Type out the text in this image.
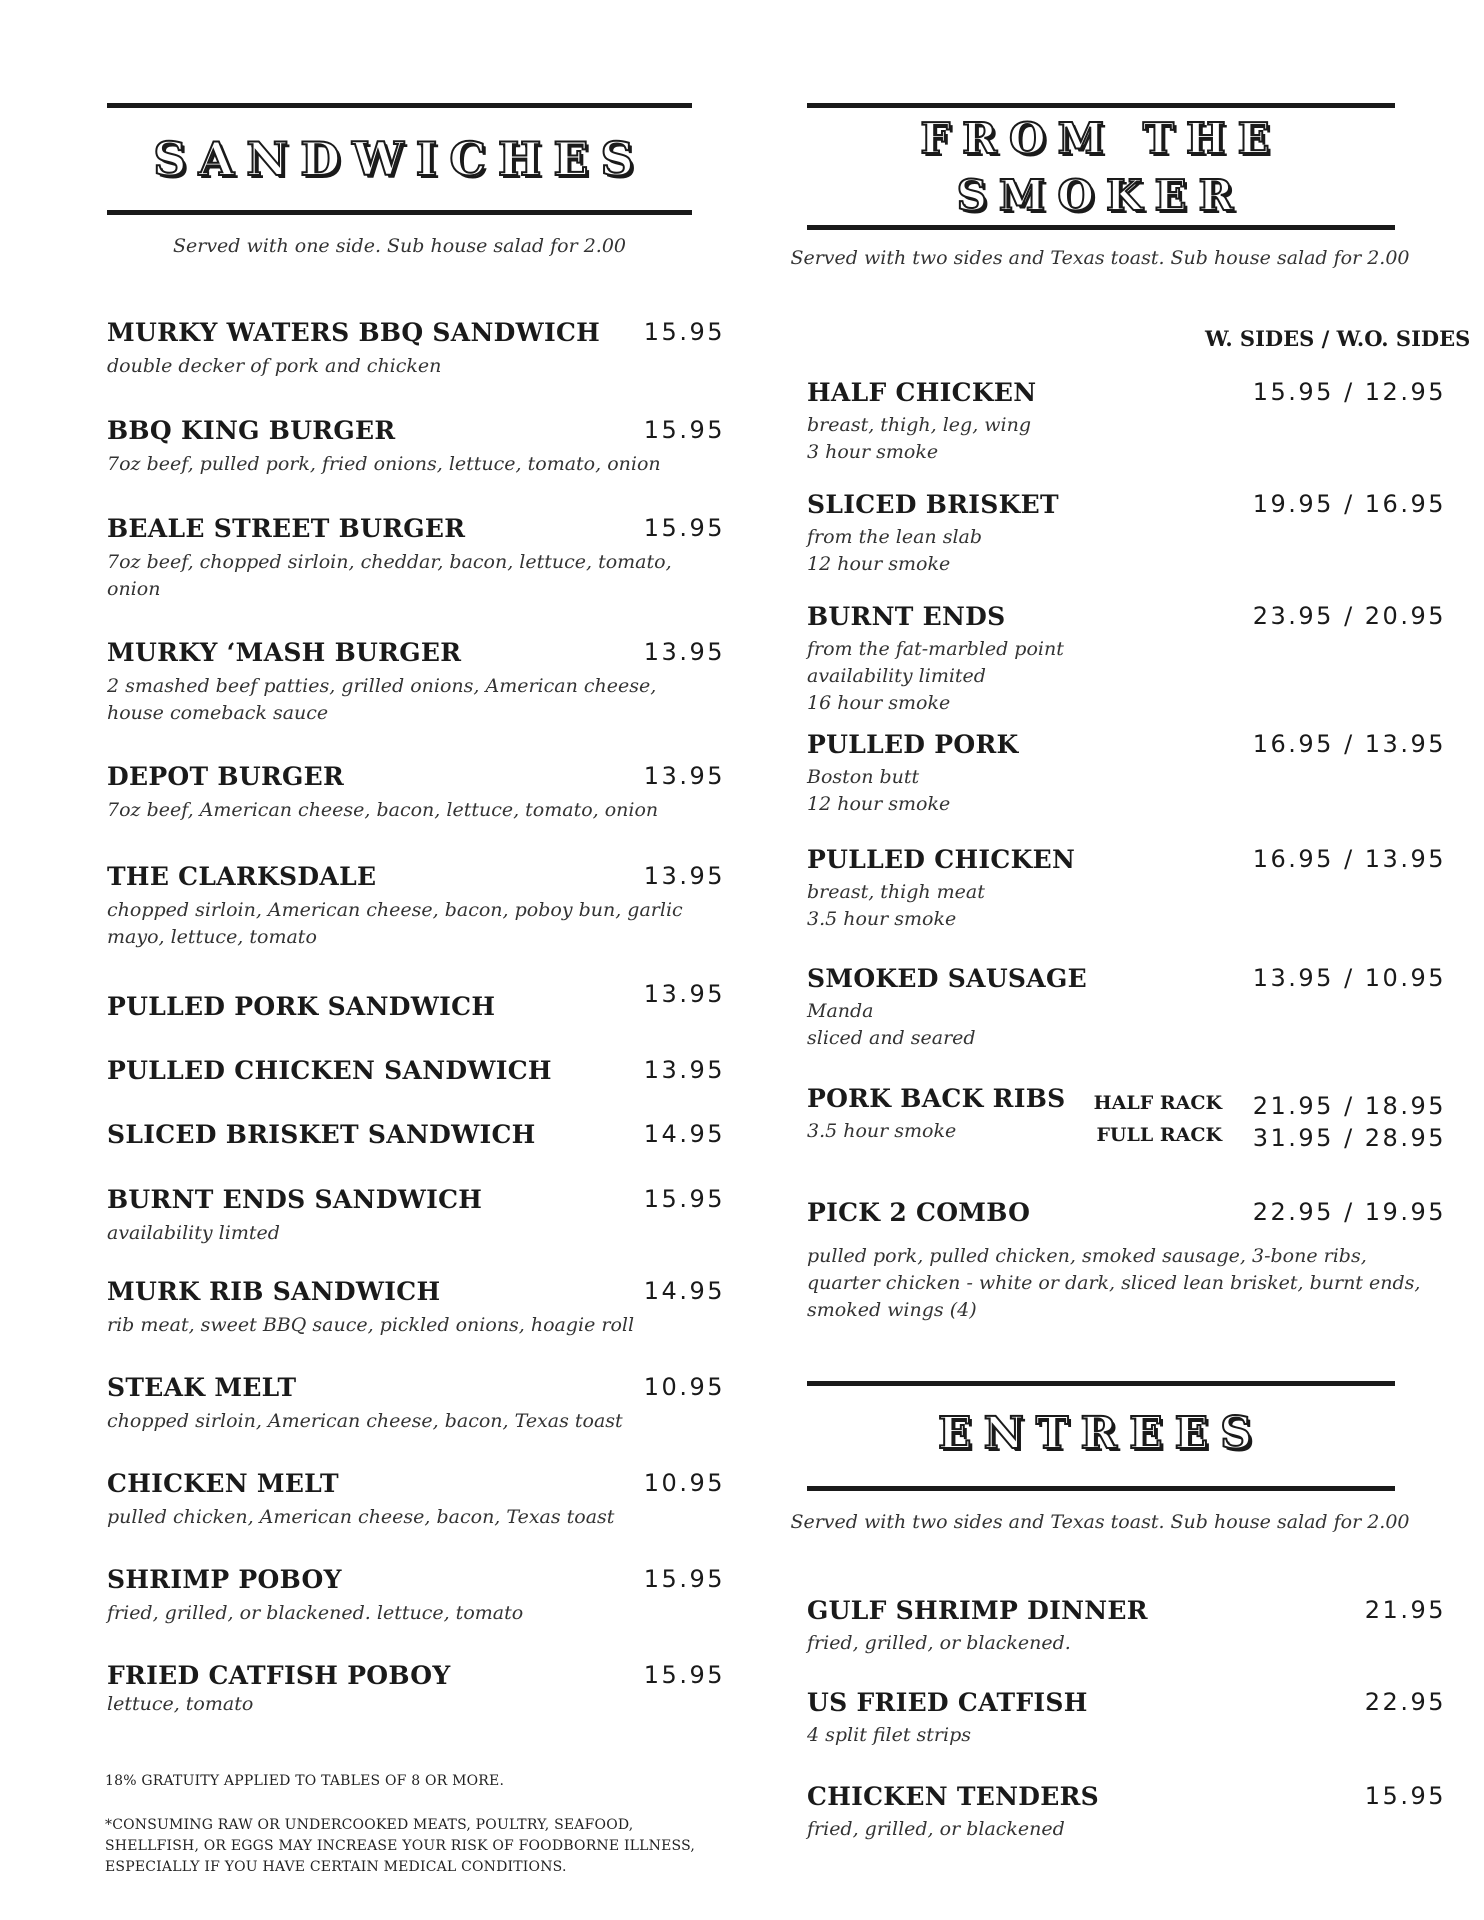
SANDWICHES
Served with one side. Sub house salad for 2.00
MURKY WATERS BBQ SANDWICH	15.95
double decker of pork and chicken
BBQ KING BURGER	15.95
7oz beef, pulled pork, fried onions, lettuce, tomato, onion
BEALE STREET BURGER	15.95
7oz beef, chopped sirloin, cheddar, bacon, lettuce, tomato, onion
MURKY ‘MASH BURGER	13.95
2 smashed beef patties, grilled onions, American cheese, house comeback sauce
DEPOT BURGER	13.95
7oz beef, American cheese, bacon, lettuce, tomato, onion
THE CLARKSDALE	13.95
chopped sirloin, American cheese, bacon, poboy bun, garlic mayo, lettuce, tomato
PULLED PORK SANDWICH	13.95
PULLED CHICKEN SANDWICH	13.95
SLICED BRISKET SANDWICH	14.95
BURNT ENDS SANDWICH	15.95
availability limted
MURK RIB SANDWICH	14.95
rib meat, sweet BBQ sauce, pickled onions, hoagie roll
STEAK MELT	10.95
chopped sirloin, American cheese, bacon, Texas toast
CHICKEN MELT	10.95
pulled chicken, American cheese, bacon, Texas toast
SHRIMP POBOY	15.95
fried, grilled, or blackened. lettuce, tomato
FRIED CATFISH POBOY	15.95
lettuce, tomato
18% GRATUITY APPLIED TO TABLES OF 8 OR MORE.
*CONSUMING RAW OR UNDERCOOKED MEATS, POULTRY, SEAFOOD, SHELLFISH, OR EGGS MAY INCREASE YOUR RISK OF FOODBORNE ILLNESS, ESPECIALLY IF YOU HAVE CERTAIN MEDICAL CONDITIONS.
FROM THE
SMOKER
Served with two sides and Texas toast. Sub house salad for 2.00
W. SIDES / W.O. SIDES
HALF CHICKEN	15.95 / 12.95
breast, thigh, leg, wing
3 hour smoke
SLICED BRISKET	19.95 / 16.95
from the lean slab
12 hour smoke
BURNT ENDS	23.95 / 20.95
from the fat-marbled point
availability limited
16 hour smoke
PULLED PORK	16.95 / 13.95
Boston butt
12 hour smoke
PULLED CHICKEN	16.95 / 13.95
breast, thigh meat
3.5 hour smoke
SMOKED SAUSAGE	13.95 / 10.95
Manda
sliced and seared
PORK BACK RIBS
3.5 hour smoke
HALF RACK	21.95 / 18.95
FULL RACK	31.95 / 28.95
PICK 2 COMBO	22.95 / 19.95
pulled pork, pulled chicken, smoked sausage, 3-bone ribs, quarter chicken - white or dark, sliced lean brisket, burnt ends, smoked wings (4)
ENTREES
Served with two sides and Texas toast. Sub house salad for 2.00
GULF SHRIMP DINNER	21.95
fried, grilled, or blackened.
US FRIED CATFISH	22.95
4 split filet strips
CHICKEN TENDERS	15.95
fried, grilled, or blackened
